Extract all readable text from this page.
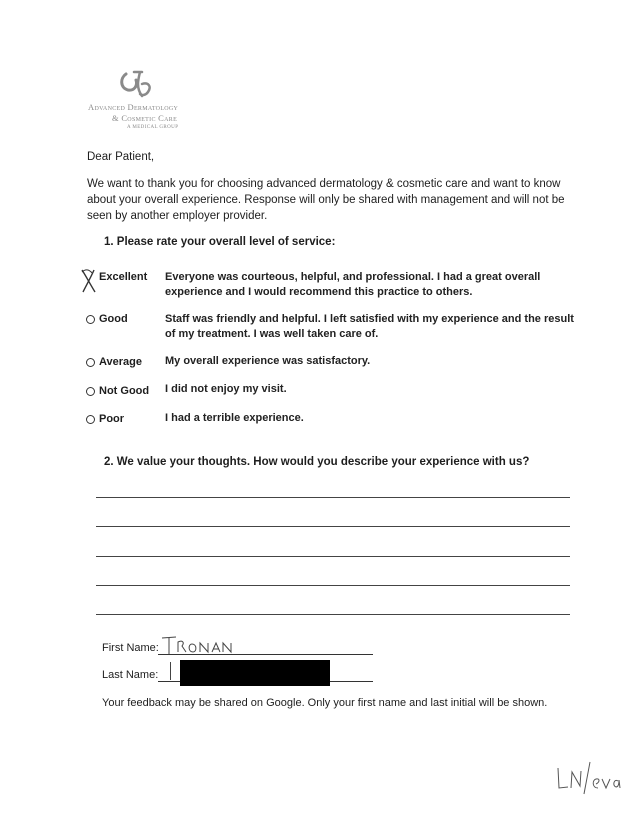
Advanced Dermatology
& Cosmetic Care
A MEDICAL GROUP
Dear Patient,
We want to thank you for choosing advanced dermatology & cosmetic care and want to know about your overall experience. Response will only be shared with management and will not be seen by another employer provider.
1. Please rate your overall level of service:
Excellent Everyone was courteous, helpful, and professional. I had a great overall experience and I would recommend this practice to others.
Good	Staff was friendly and helpful. I left satisfied with my experience and the result of my treatment. I was well taken care of.
Average My overall experience was satisfactory.
Not Good I did not enjoy my visit.
Poor	I had a terrible experience.
2. We value your thoughts. How would you describe your experience with us?
First Name:
Last Name:
Your feedback may be shared on Google. Only your first name and last initial will be shown.
